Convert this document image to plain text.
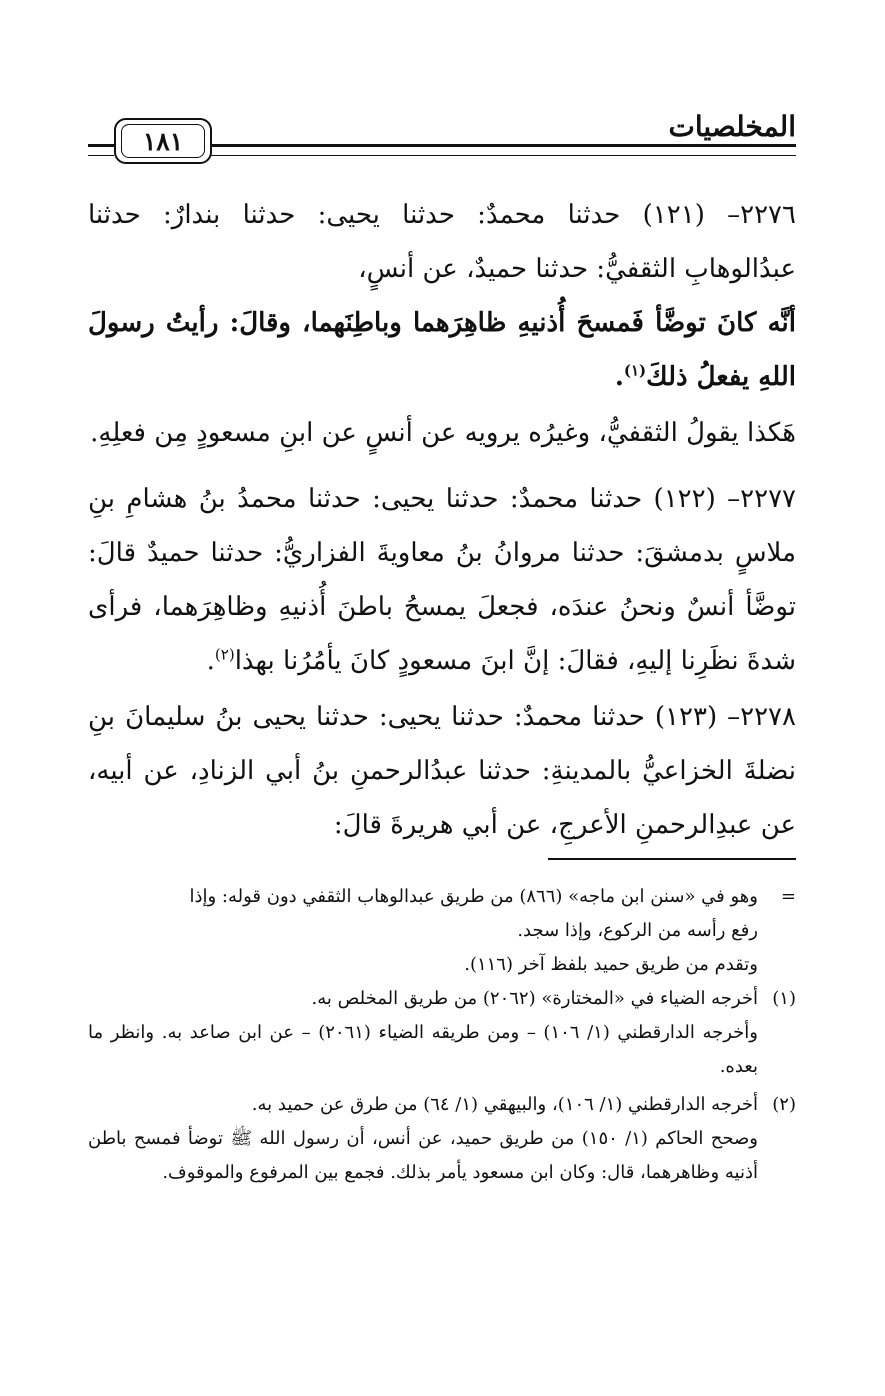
المخلصيات
١٨١
٢٢٧٦– (١٢١) حدثنا محمدٌ: حدثنا يحيى: حدثنا بندارٌ: حدثنا عبدُالوهابِ الثقفيُّ: حدثنا حميدٌ، عن أنسٍ،
أنَّه كانَ توضَّأ فَمسحَ أُذنيهِ ظاهِرَهما وباطِنَهما، وقالَ: رأيتُ رسولَ اللهِ يفعلُ ذلكَ$^{(١)}$.
هَكذا يقولُ الثقفيُّ، وغيرُه يرويه عن أنسٍ عن ابنِ مسعودٍ مِن فعلِهِ.
٢٢٧٧– (١٢٢) حدثنا محمدٌ: حدثنا يحيى: حدثنا محمدُ بنُ هشامِ بنِ ملاسٍ بدمشقَ: حدثنا مروانُ بنُ معاويةَ الفزاريُّ: حدثنا حميدٌ قالَ: توضَّأ أنسٌ ونحنُ عندَه، فجعلَ يمسحُ باطنَ أُذنيهِ وظاهِرَهما، فرأى شدةَ نظَرِنا إليهِ، فقالَ: إنَّ ابنَ مسعودٍ كانَ يأمُرُنا بهذا$^{(٢)}$.
٢٢٧٨– (١٢٣) حدثنا محمدٌ: حدثنا يحيى: حدثنا يحيى بنُ سليمانَ بنِ نضلةَ الخزاعيُّ بالمدينةِ: حدثنا عبدُالرحمنِ بنُ أبي الزنادِ، عن أبيه، عن عبدِالرحمنِ الأعرجِ، عن أبي هريرةَ قالَ:
=وهو في «سنن ابن ماجه» (٨٦٦) من طريق عبدالوهاب الثقفي دون قوله: وإذا
رفع رأسه من الركوع، وإذا سجد.
وتقدم من طريق حميد بلفظ آخر (١١٦).
(١)أخرجه الضياء في «المختارة» (٢٠٦٢) من طريق المخلص به.
وأخرجه الدارقطني (١/ ١٠٦) – ومن طريقه الضياء (٢٠٦١) – عن ابن صاعد به. وانظر ما بعده.
(٢)أخرجه الدارقطني (١/ ١٠٦)، والبيهقي (١/ ٦٤) من طرق عن حميد به.
وصحح الحاكم (١/ ١٥٠) من طريق حميد، عن أنس، أن رسول الله ﷺ توضأ فمسح باطن أذنيه وظاهرهما، قال: وكان ابن مسعود يأمر بذلك. فجمع بين المرفوع والموقوف.
